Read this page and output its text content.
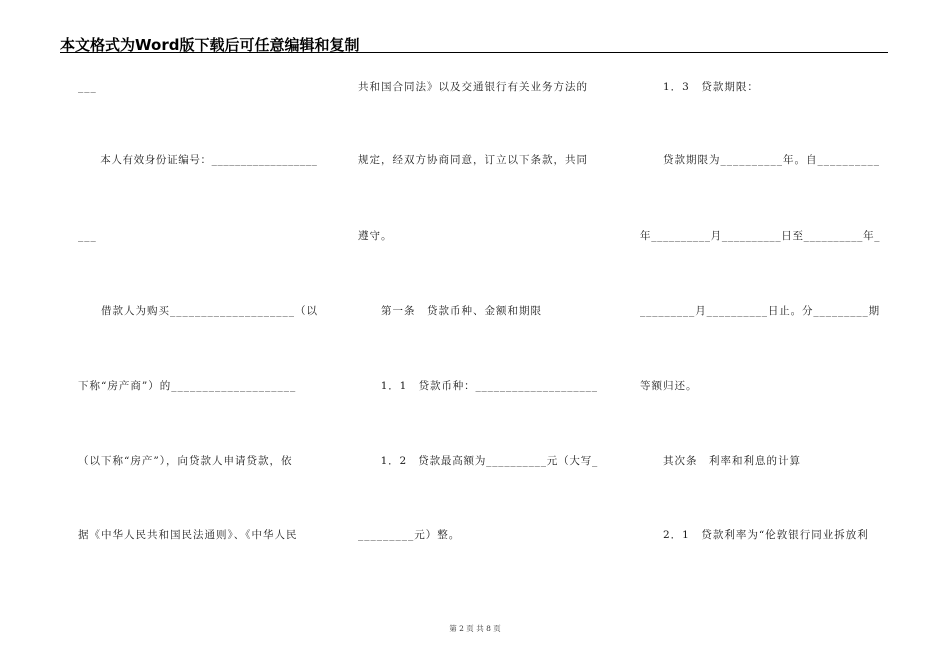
本文格式为Word版下载后可任意编辑和复制
___
　　本人有效身份证编号：__________________
___
　　借款人为购买____________________（以
下称“房产商”）的____________________
（以下称“房产”），向贷款人申请贷款，依
据《中华人民共和国民法通则》、《中华人民
共和国合同法》以及交通银行有关业务方法的
规定，经双方协商同意，订立以下条款，共同
遵守。
　　第一条　贷款币种、金额和期限
　　1．1　贷款币种：____________________
　　1．2　贷款最高额为__________元（大写_
_________元）整。
　　1．3　贷款期限：
　　贷款期限为__________年。自__________
年__________月__________日至__________年_
_________月__________日止。分_________期
等额归还。
　　其次条　利率和利息的计算
　　2．1　贷款利率为“伦敦银行同业拆放利
第 2 页 共 8 页
